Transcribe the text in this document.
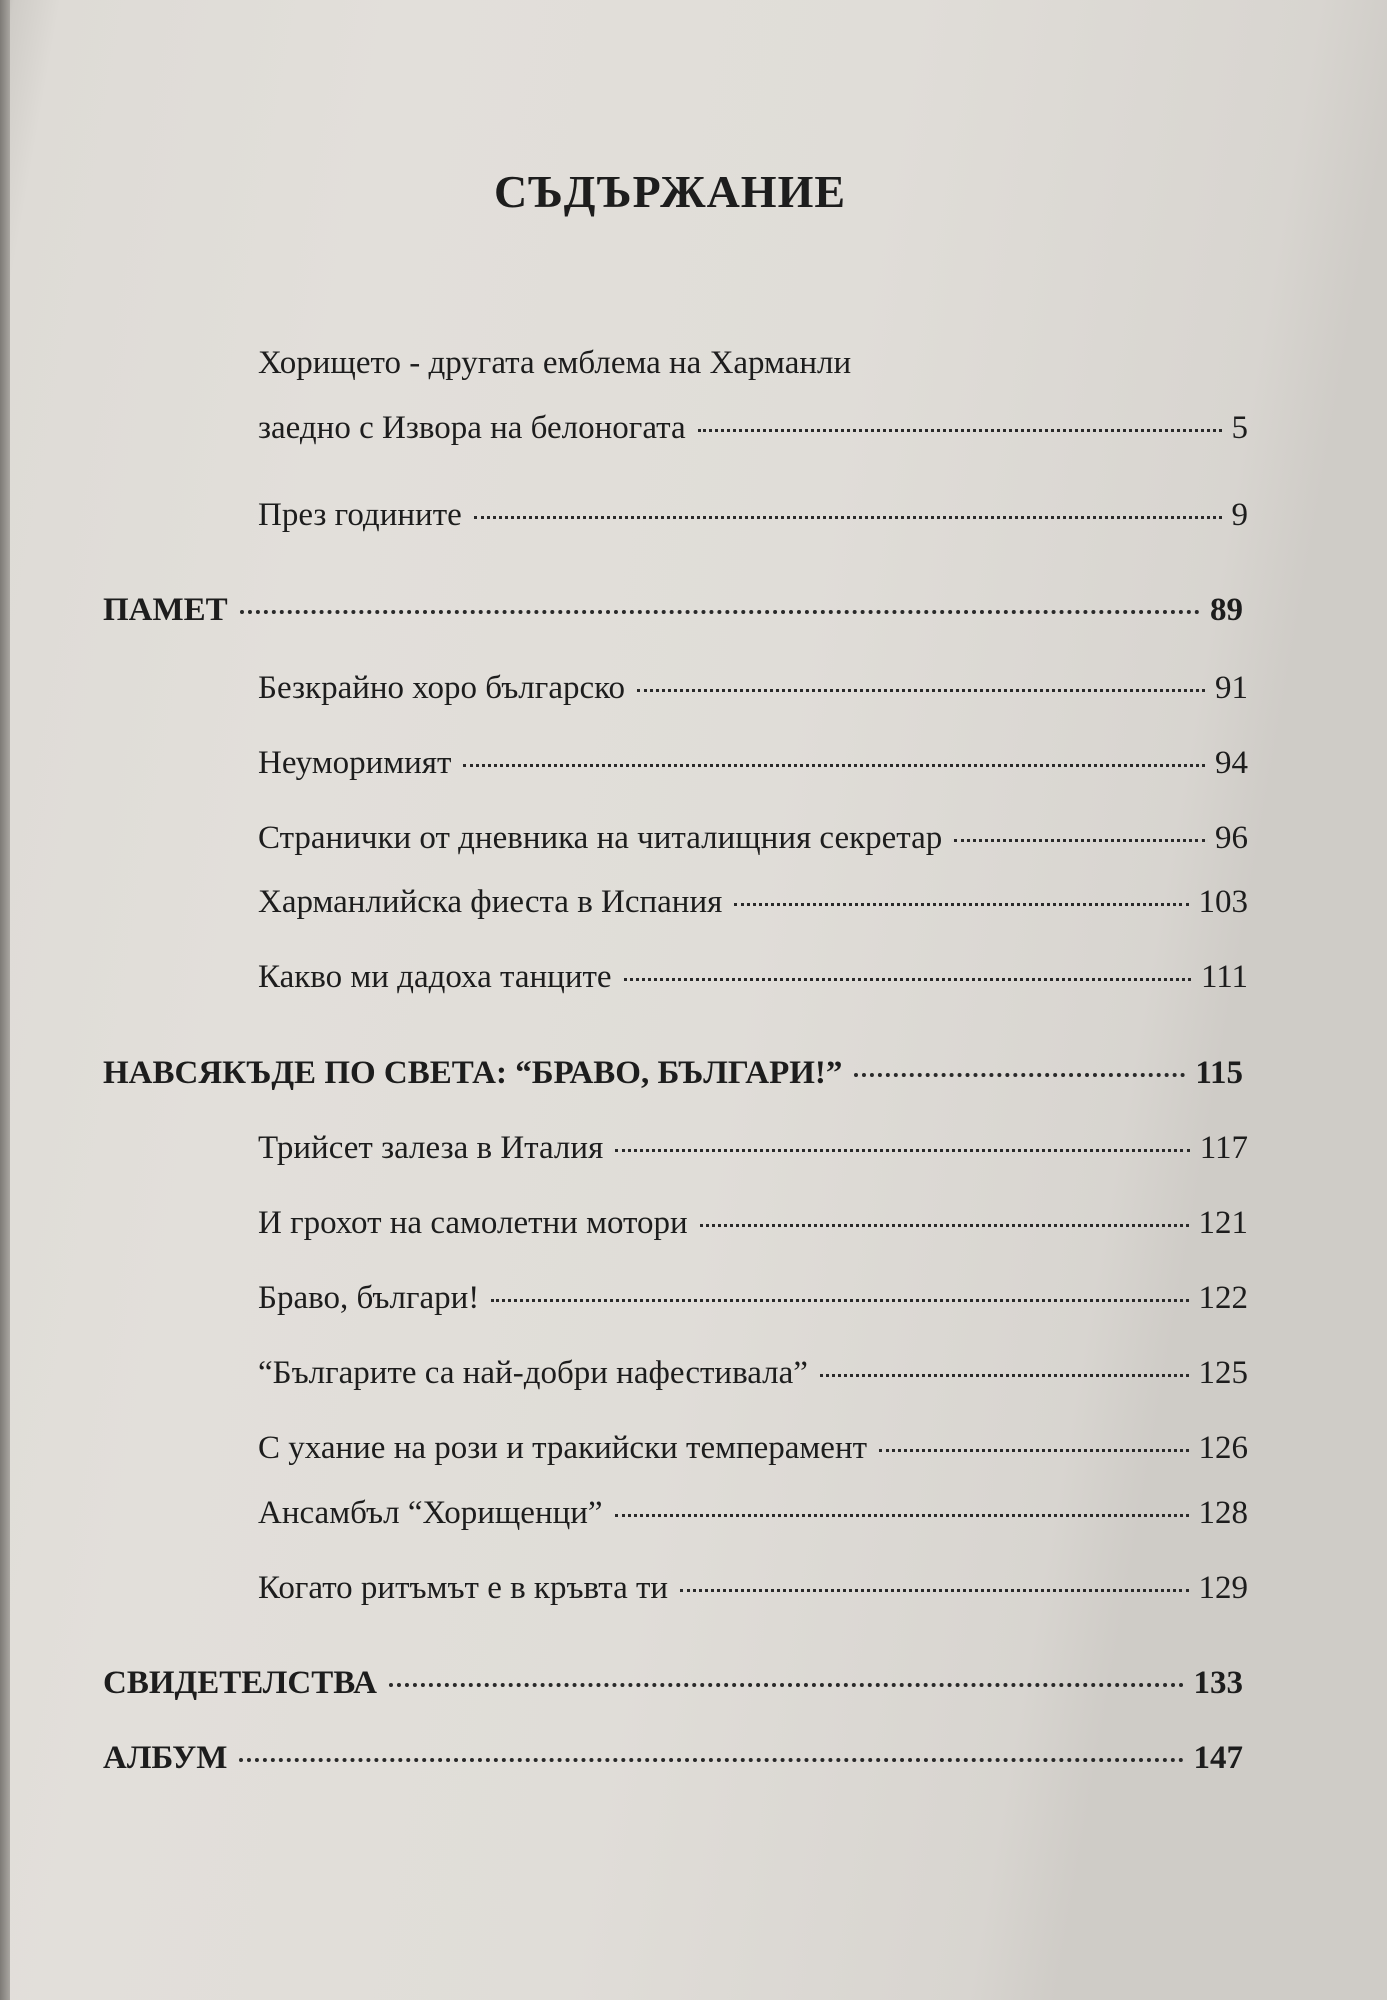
СЪДЪРЖАНИЕ
Хорището - другата емблема на Харманли
заедно с Извора на белоногата	5
През годините	9
ПАМЕТ	89
Безкрайно хоро българско	91
Неуморимият	94
Странички от дневника на читалищния секретар	96
Харманлийска фиеста в Испания	103
Какво ми дадоха танците	111
НАВСЯКЪДЕ ПО СВЕТА: “БРАВО, БЪЛГАРИ!”	115
Трийсет залеза в Италия	117
И грохот на самолетни мотори	121
Браво, българи!	122
“Българите са най-добри нафестивала”	125
С ухание на рози и тракийски темперамент	126
Ансамбъл “Хорищенци”	128
Когато ритъмът е в кръвта ти	129
СВИДЕТЕЛСТВА	133
АЛБУМ	147
